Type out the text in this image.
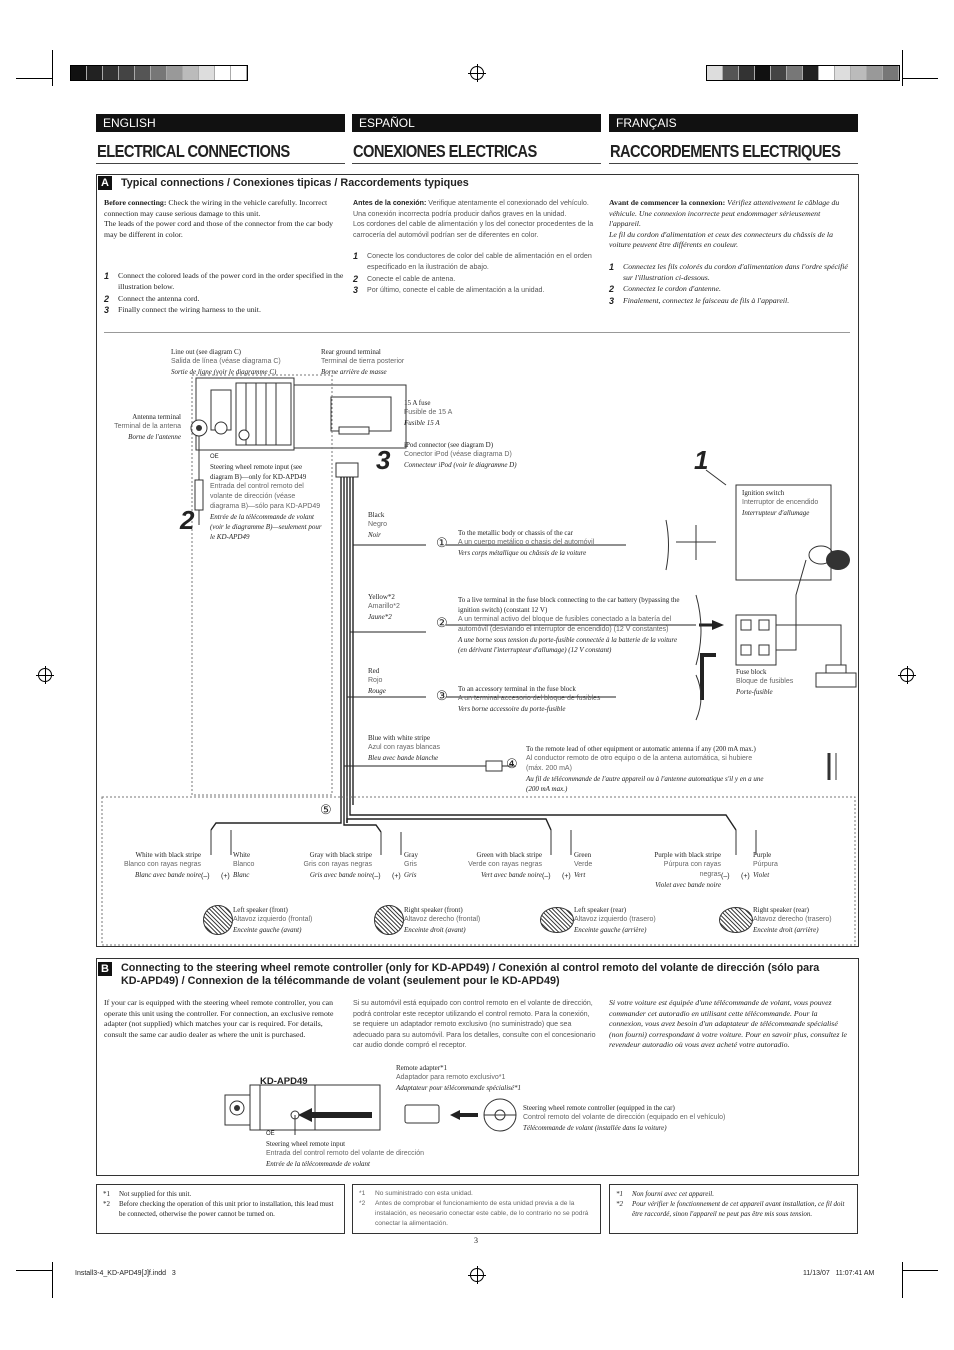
ENGLISH	ESPAÑOL	FRANÇAIS
ELECTRICAL CONNECTIONS	CONEXIONES ELECTRICAS	RACCORDEMENTS ELECTRIQUES
A Typical connections / Conexiones tipicas / Raccordements typiques
Before connecting: Check the wiring in the vehicle carefully. Incorrect connection may cause serious damage to this unit.
The leads of the power cord and those of the connector from the car body may be different in color.
1 Connect the colored leads of the power cord in the order specified in the illustration below.
2 Connect the antenna cord.
3 Finally connect the wiring harness to the unit.
Antes de la conexión: Verifique atentamente el conexionado del vehículo. Una conexión incorrecta podría producir daños graves en la unidad.
Los cordones del cable de alimentación y los del conector procedentes de la carrocería del automóvil podrían ser de diferentes en color.
1 Conecte los conductores de color del cable de alimentación en el orden especificado en la ilustración de abajo.
2 Conecte el cable de antena.
3 Por último, conecte el cable de alimentación a la unidad.
Avant de commencer la connexion: Vérifiez attentivement le câblage du véhicule. Une connexion incorrecte peut endommager sérieusement l'appareil.
Le fil du cordon d'alimentation et ceux des connecteurs du châssis de la voiture peuvent être différents en couleur.
1 Connectez les fils colorés du cordon d'alimentation dans l'ordre spécifié sur l'illustration ci-dessous.
2 Connectez le cordon d'antenne.
3 Finalement, connectez le faisceau de fils à l'appareil.
1
2
3
Line out (see diagram C)
Salida de línea (véase diagrama C)
Sortie de ligne (voir le diagramme C)
Rear ground terminal
Terminal de tierra posterior
Borne arrière de masse
Antenna terminal
Terminal de la antena
Borne de l'antenne
15 A fuse
Fusible de 15 A
Fusible 15 A
iPod connector (see diagram D)
Conector iPod (véase diagrama D)
Connecteur iPod (voir le diagramme D)
OE
Steering wheel remote input (see diagram B)—only for KD-APD49
Entrada del control remoto del volante de dirección (véase diagrama B)—sólo para KD-APD49
Entrée de la télécommande de volant (voir le diagramme B)—seulement pour le KD-APD49
Ignition switch
Interruptor de encendido
Interrupteur d'allumage
Black
Negro
Noir	①
To the metallic body or chassis of the car
A un cuerpo metálico o chasis del automóvil
Vers corps métallique ou châssis de la voiture
Yellow*2
Amarillo*2
Jaune*2	②
To a live terminal in the fuse block connecting to the car battery (bypassing the ignition switch) (constant 12 V)
A un terminal activo del bloque de fusibles conectado a la batería del automóvil (desviando el interruptor de encendido) (12 V constantes)
A une borne sous tension du porte-fusible connectée à la batterie de la voiture (en dérivant l'interrupteur d'allumage) (12 V constant)
Red
Rojo
Rouge	③ To an accessory terminal in the fuse block
A un terminal accesorio del bloque de fusibles
Vers borne accessoire du porte-fusible
Fuse block
Bloque de fusibles
Porte-fusible
Blue with white stripe
Azul con rayas blancas
Bleu avec bande blanche	④
To the remote lead of other equipment or automatic antenna if any (200 mA max.)
Al conductor remoto de otro equipo o de la antena automática, si hubiere (máx. 200 mA)
Au fil de télécommande de l'autre appareil ou à l'antenne automatique s'il y en a une (200 mA max.)
⑤
White with black stripe
Blanco con rayas negras
Blanc avec bande noire
White
Blanco
Blanc
(–) (+)
Left speaker (front)
Altavoz izquierdo (frontal)
Enceinte gauche (avant)
Gray with black stripe
Gris con rayas negras
Gris avec bande noire
Gray
Gris
Gris
(–) (+)
Right speaker (front)
Altavoz derecho (frontal)
Enceinte droit (avant)
Green with black stripe
Verde con rayas negras
Vert avec bande noire
Green
Verde
Vert
(–) (+)
Left speaker (rear)
Altavoz izquierdo (trasero)
Enceinte gauche (arrière)
Purple with black stripe
Púrpura con rayas negras
Violet avec bande noire
Purple
Púrpura
Violet
(–) (+)
Right speaker (rear)
Altavoz derecho (trasero)
Enceinte droit (arrière)
B Connecting to the steering wheel remote controller (only for KD-APD49) / Conexión al control remoto del volante de dirección (sólo para KD-APD49) / Connexion de la télécommande de volant (seulement pour le KD-APD49)
If your car is equipped with the steering wheel remote controller, you can operate this unit using the controller. For connection, an exclusive remote adapter (not supplied) which matches your car is required. For details, consult the same car audio dealer as where the unit is purchased.
Si su automóvil está equipado con control remoto en el volante de dirección, podrá controlar este receptor utilizando el control remoto. Para la conexión, se requiere un adaptador remoto exclusivo (no suministrado) que sea adecuado para su automóvil. Para los detalles, consulte con el concesionario car audio donde compró el receptor.
Si votre voiture est équipée d'une télécommande de volant, vous pouvez commander cet autoradio en utilisant cette télécommande. Pour la connexion, vous avez besoin d'un adaptateur de télécommande spécialisé (non fourni) correspondant à votre voiture. Pour en savoir plus, consultez le revendeur autoradio où vous avez acheté votre autoradio.
KD-APD49
Remote adapter*1
Adaptador para remoto exclusivo*1
Adaptateur pour télécommande spécialisé*1
Steering wheel remote controller (equipped in the car)
Control remoto del volante de dirección (equipado en el vehículo)
Télécommande de volant (installée dans la voiture)
OE
Steering wheel remote input
Entrada del control remoto del volante de dirección
Entrée de la télécommande de volant
*1	Not supplied for this unit.
*2	Before checking the operation of this unit prior to installation, this lead must be connected, otherwise the power cannot be turned on.
*1	No suministrado con esta unidad.
*2	Antes de comprobar el funcionamiento de esta unidad previa a de la instalación, es necesario conectar este cable, de lo contrario no se podrá conectar la alimentación.
*1	Non fourni avec cet appareil.
*2	Pour vérifier le fonctionnement de cet appareil avant installation, ce fil doit être raccordé, sinon l'appareil ne peut pas être mis sous tension.
3
Install3-4_KD-APD49[J]f.indd   3	11/13/07   11:07:41 AM
